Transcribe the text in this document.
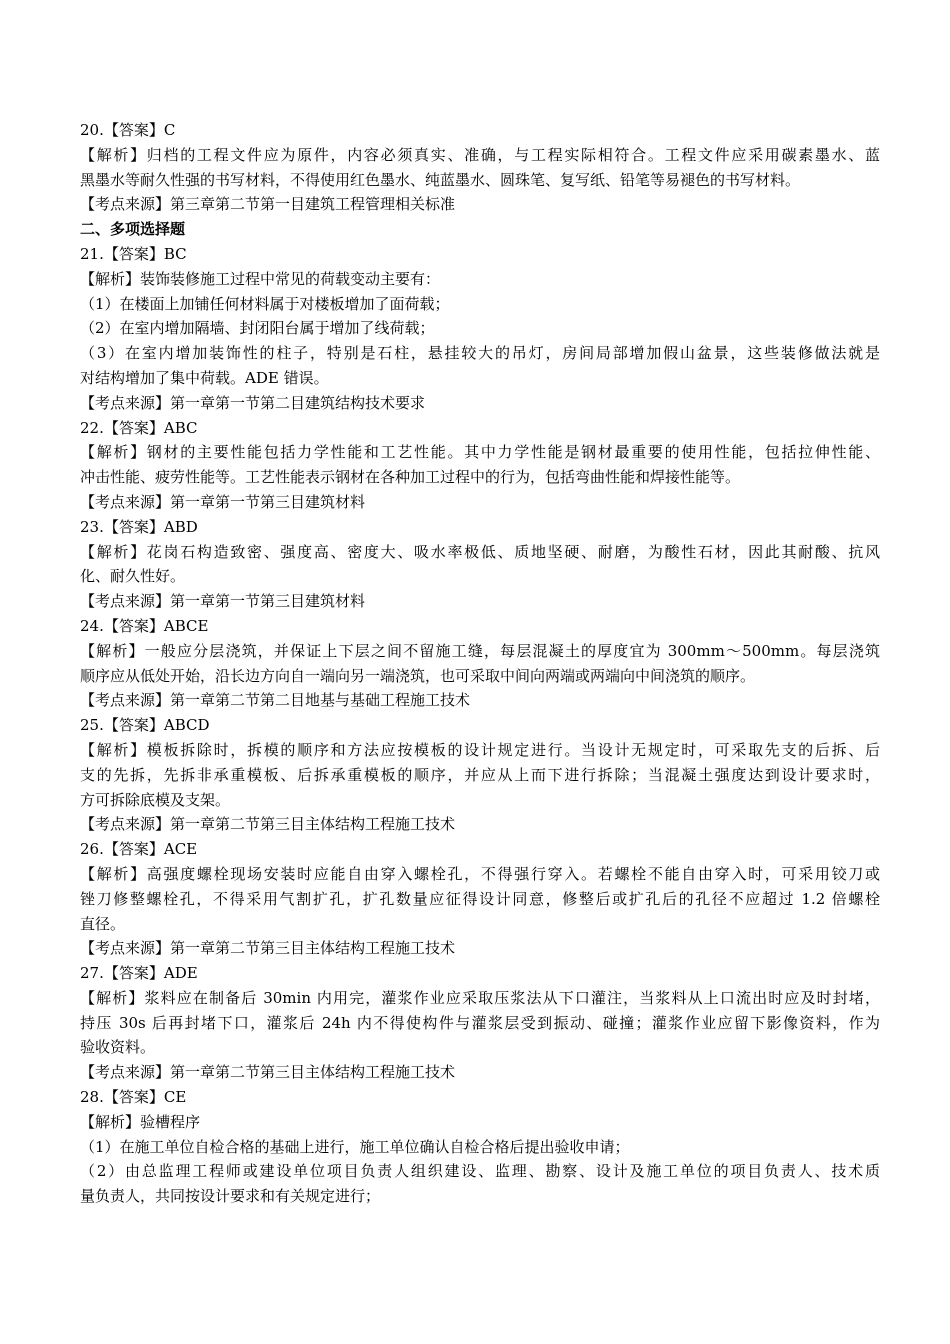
20.【答案】C
【解析】归档的工程文件应为原件，内容必须真实、准确，与工程实际相符合。工程文件应采用碳素墨水、蓝
黑墨水等耐久性强的书写材料，不得使用红色墨水、纯蓝墨水、圆珠笔、复写纸、铅笔等易褪色的书写材料。
【考点来源】第三章第二节第一目建筑工程管理相关标准
二、多项选择题
21.【答案】BC
【解析】装饰装修施工过程中常见的荷载变动主要有：
（1）在楼面上加铺任何材料属于对楼板增加了面荷载；
（2）在室内增加隔墙、封闭阳台属于增加了线荷载；
（3）在室内增加装饰性的柱子，特别是石柱，悬挂较大的吊灯，房间局部增加假山盆景，这些装修做法就是
对结构增加了集中荷载。ADE 错误。
【考点来源】第一章第一节第二目建筑结构技术要求
22.【答案】ABC
【解析】钢材的主要性能包括力学性能和工艺性能。其中力学性能是钢材最重要的使用性能，包括拉伸性能、
冲击性能、疲劳性能等。工艺性能表示钢材在各种加工过程中的行为，包括弯曲性能和焊接性能等。
【考点来源】第一章第一节第三目建筑材料
23.【答案】ABD
【解析】花岗石构造致密、强度高、密度大、吸水率极低、质地坚硬、耐磨，为酸性石材，因此其耐酸、抗风
化、耐久性好。
【考点来源】第一章第一节第三目建筑材料
24.【答案】ABCE
【解析】一般应分层浇筑，并保证上下层之间不留施工缝，每层混凝土的厚度宜为 300mm～500mm。每层浇筑
顺序应从低处开始，沿长边方向自一端向另一端浇筑，也可采取中间向两端或两端向中间浇筑的顺序。
【考点来源】第一章第二节第二目地基与基础工程施工技术
25.【答案】ABCD
【解析】模板拆除时，拆模的顺序和方法应按模板的设计规定进行。当设计无规定时，可采取先支的后拆、后
支的先拆，先拆非承重模板、后拆承重模板的顺序，并应从上而下进行拆除；当混凝土强度达到设计要求时，
方可拆除底模及支架。
【考点来源】第一章第二节第三目主体结构工程施工技术
26.【答案】ACE
【解析】高强度螺栓现场安装时应能自由穿入螺栓孔，不得强行穿入。若螺栓不能自由穿入时，可采用铰刀或
锉刀修整螺栓孔，不得采用气割扩孔，扩孔数量应征得设计同意，修整后或扩孔后的孔径不应超过 1.2 倍螺栓
直径。
【考点来源】第一章第二节第三目主体结构工程施工技术
27.【答案】ADE
【解析】浆料应在制备后 30min 内用完，灌浆作业应采取压浆法从下口灌注，当浆料从上口流出时应及时封堵，
持压 30s 后再封堵下口，灌浆后 24h 内不得使构件与灌浆层受到振动、碰撞；灌浆作业应留下影像资料，作为
验收资料。
【考点来源】第一章第二节第三目主体结构工程施工技术
28.【答案】CE
【解析】验槽程序
（1）在施工单位自检合格的基础上进行，施工单位确认自检合格后提出验收申请；
（2）由总监理工程师或建设单位项目负责人组织建设、监理、勘察、设计及施工单位的项目负责人、技术质
量负责人，共同按设计要求和有关规定进行；
